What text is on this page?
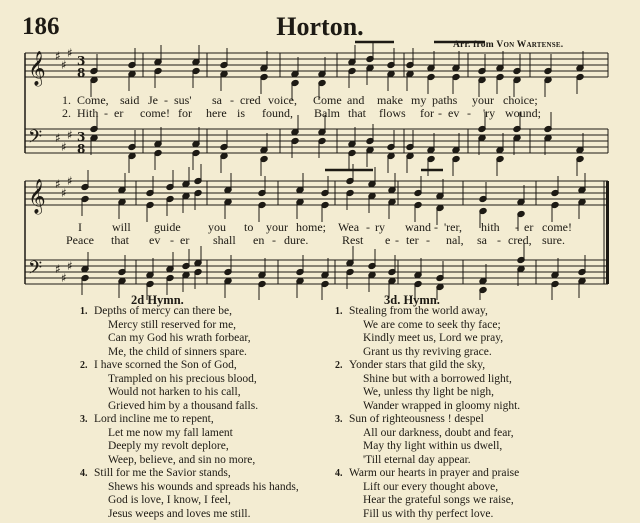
186	Horton.
Arr. from Von Wartense.
𝄞 ♯
♯
♯
𝄢 ♯
♯
♯
𝄞 ♯
♯
♯
𝄢 ♯
♯
♯
3
8
3
8
1. Come, said Je - sus' sa - cred voice, Come and make my paths your choice;
2. Hith - er come! for here is found, Balm that flows for - ev - 'ry wound;
I	will guide you to your home; Wea - ry wand - 'rer, hith - er come!
Peace that ev - er shall en - dure.	Rest e - ter - nal, sa - cred, sure.
2d Hymn.
1. Depths of mercy can there be,
Mercy still reserved for me,
Can my God his wrath forbear,
Me, the child of sinners spare.
2. I have scorned the Son of God,
Trampled on his precious blood,
Would not harken to his call,
Grieved him by a thousand falls.
3. Lord incline me to repent,
Let me now my fall lament
Deeply my revolt deplore,
Weep, believe, and sin no more,
4. Still for me the Savior stands,
Shews his wounds and spreads his hands,
God is love, I know, I feel,
Jesus weeps and loves me still.
3d. Hymn.
1. Stealing from the world away,
We are come to seek thy face;
Kindly meet us, Lord we pray,
Grant us thy reviving grace.
2. Yonder stars that gild the sky,
Shine but with a borrowed light,
We, unless thy light be nigh,
Wander wrapped in gloomy night.
3. Sun of righteousness ! despel
All our darkness, doubt and fear,
May thy light within us dwell,
'Till eternal day appear.
4. Warm our hearts in prayer and praise
Lift our every thought above,
Hear the grateful songs we raise,
Fill us with thy perfect love.
